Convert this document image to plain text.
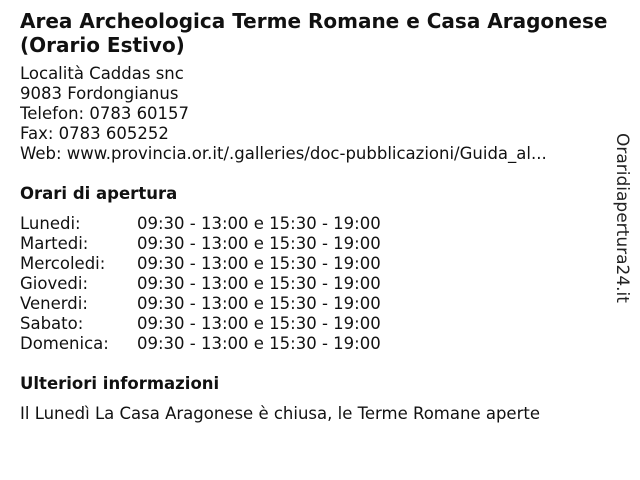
Area Archeologica Terme Romane e Casa Aragonese (Orario Estivo)
Località Caddas snc
9083 Fordongianus
Telefon: 0783 60157
Fax: 0783 605252
Web: www.provincia.or.it/.galleries/doc-pubblicazioni/Guida_al...
Orari di apertura
Lunedi:	09:30 - 13:00 e 15:30 - 19:00
Martedi:	09:30 - 13:00 e 15:30 - 19:00
Mercoledi: 09:30 - 13:00 e 15:30 - 19:00
Giovedi:	09:30 - 13:00 e 15:30 - 19:00
Venerdi:	09:30 - 13:00 e 15:30 - 19:00
Sabato:	09:30 - 13:00 e 15:30 - 19:00
Domenica: 09:30 - 13:00 e 15:30 - 19:00
Ulteriori informazioni
Il Lunedì La Casa Aragonese è chiusa, le Terme Romane aperte
Oraridiapertura24.it
